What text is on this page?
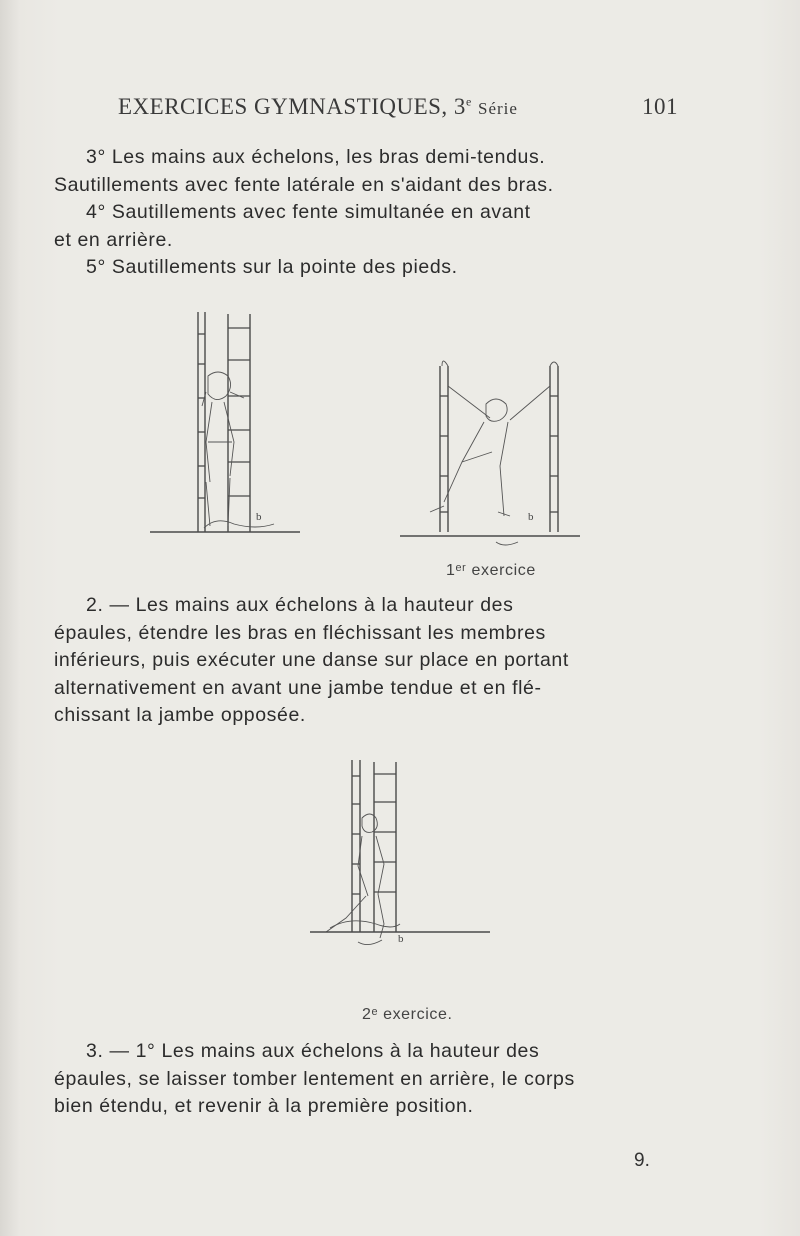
EXERCICES GYMNASTIQUES, 3e Série	101
3° Les mains aux échelons, les bras demi-tendus.
Sautillements avec fente latérale en s'aidant des bras.
4° Sautillements avec fente simultanée en avant
et en arrière.
5° Sautillements sur la pointe des pieds.
b	b
1ᵉʳ exercice
2. — Les mains aux échelons à la hauteur des
épaules, étendre les bras en fléchissant les membres
inférieurs, puis exécuter une danse sur place en portant
alternativement en avant une jambe tendue et en flé-
chissant la jambe opposée.
b
2ᵉ exercice.
3. — 1° Les mains aux échelons à la hauteur des
épaules, se laisser tomber lentement en arrière, le corps
bien étendu, et revenir à la première position.
9.
